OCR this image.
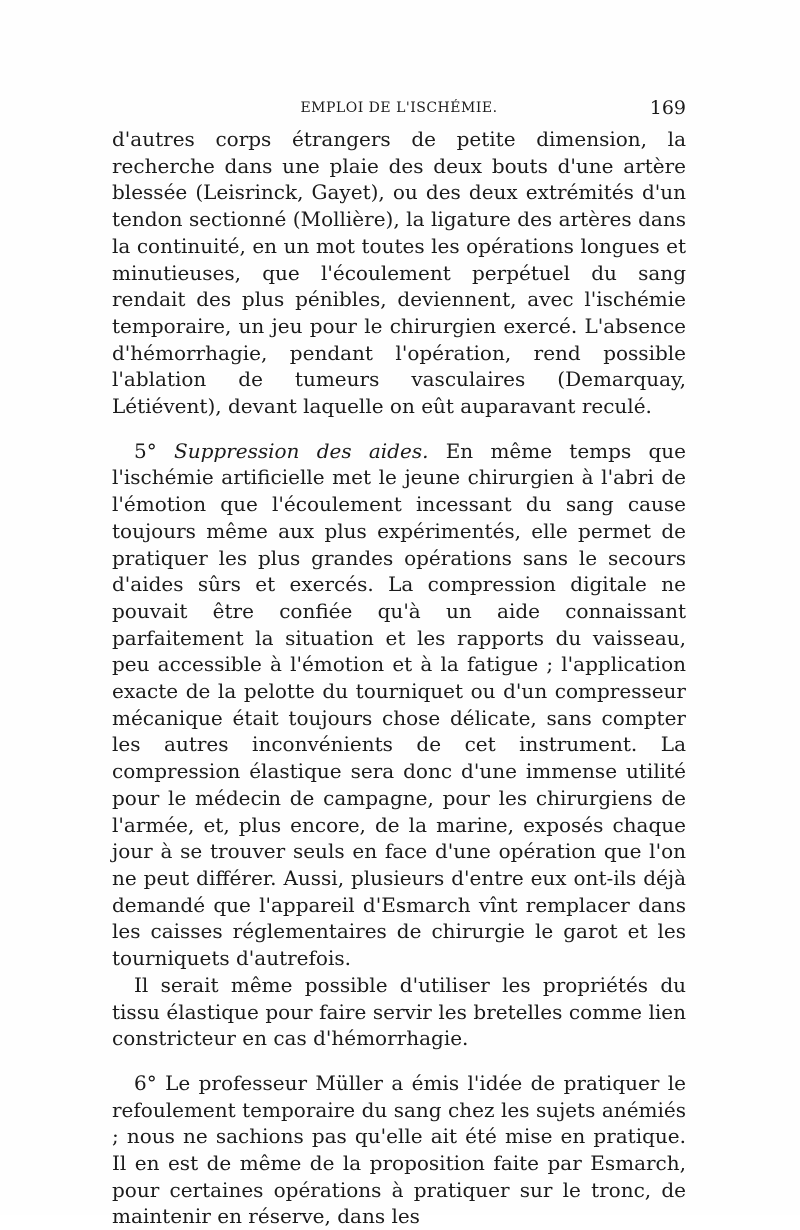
EMPLOI DE L'ISCHÉMIE.	169

d'autres corps étrangers de petite dimension, la recherche dans une plaie des deux bouts d'une artère blessée (Leisrinck, Gayet), ou des deux extrémités d'un tendon sectionné (Mollière), la ligature des artères dans la continuité, en un mot toutes les opérations longues et minutieuses, que l'écoulement perpétuel du sang rendait des plus pénibles, deviennent, avec l'ischémie temporaire, un jeu pour le chirurgien exercé. L'absence d'hémorrhagie, pendant l'opération, rend possible l'ablation de tumeurs vasculaires (Demarquay, Létiévent), devant laquelle on eût auparavant reculé.

5° Suppression des aides. En même temps que l'ischémie artificielle met le jeune chirurgien à l'abri de l'émotion que l'écoulement incessant du sang cause toujours même aux plus expérimentés, elle permet de pratiquer les plus grandes opérations sans le secours d'aides sûrs et exercés. La compression digitale ne pouvait être confiée qu'à un aide connaissant parfaitement la situation et les rapports du vaisseau, peu accessible à l'émotion et à la fatigue ; l'application exacte de la pelotte du tourniquet ou d'un compresseur mécanique était toujours chose délicate, sans compter les autres inconvénients de cet instrument. La compression élastique sera donc d'une immense utilité pour le médecin de campagne, pour les chirurgiens de l'armée, et, plus encore, de la marine, exposés chaque jour à se trouver seuls en face d'une opération que l'on ne peut différer. Aussi, plusieurs d'entre eux ont-ils déjà demandé que l'appareil d'Esmarch vînt remplacer dans les caisses réglementaires de chirurgie le garot et les tourniquets d'autrefois.

Il serait même possible d'utiliser les propriétés du tissu élastique pour faire servir les bretelles comme lien constricteur en cas d'hémorrhagie.

6° Le professeur Müller a émis l'idée de pratiquer le refoulement temporaire du sang chez les sujets anémiés ; nous ne sachions pas qu'elle ait été mise en pratique. Il en est de même de la proposition faite par Esmarch, pour certaines opérations à pratiquer sur le tronc, de maintenir en réserve, dans les
